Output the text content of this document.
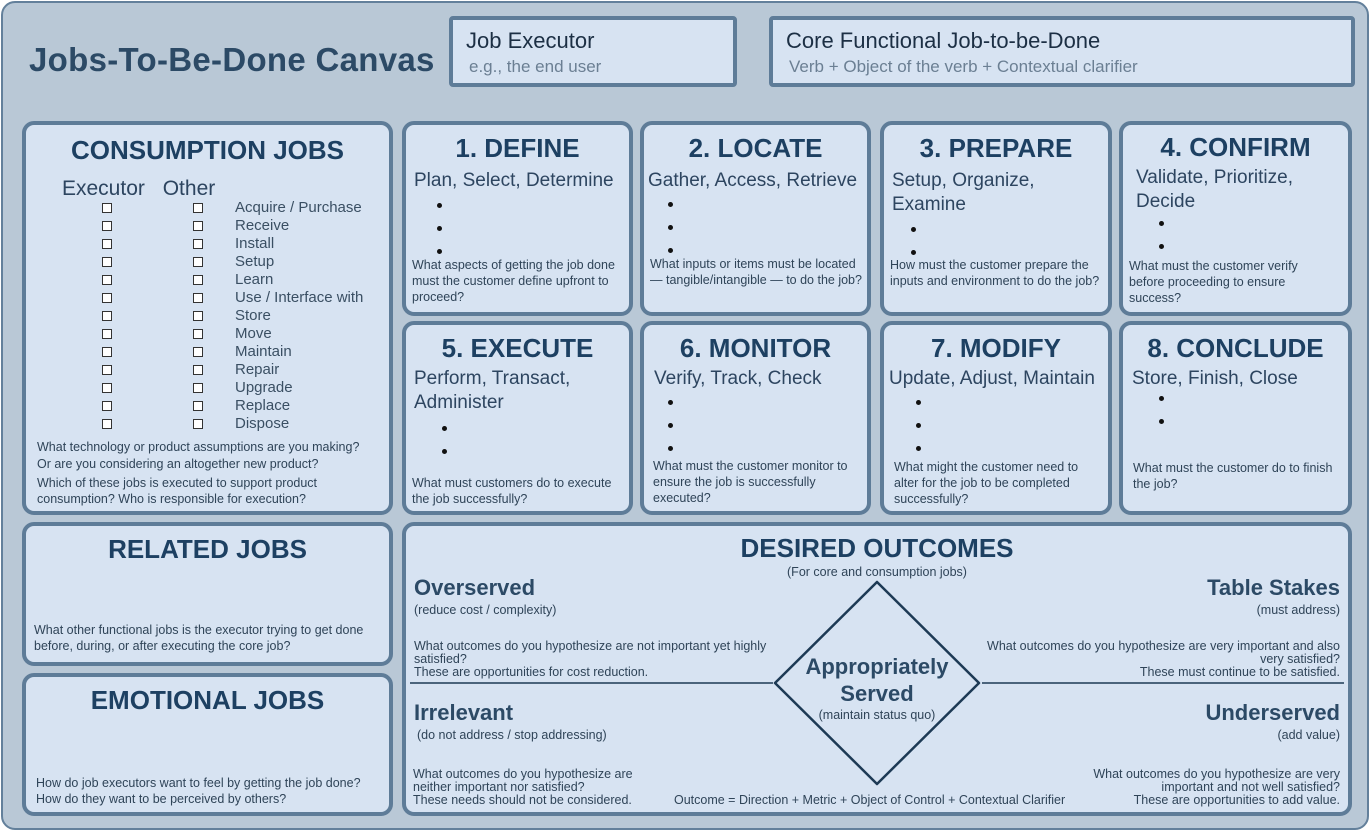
Jobs-To-Be-Done Canvas
Job Executor
e.g., the end user
Core Functional Job-to-be-Done
Verb + Object of the verb + Contextual clarifier
CONSUMPTION JOBS
Executor Other
Acquire / Purchase
Receive
Install
Setup
Learn
Use / Interface with
Store
Move
Maintain
Repair
Upgrade
Replace
Dispose
What technology or product assumptions are you making?
Or are you considering an altogether new product?
Which of these jobs is executed to support product
consumption? Who is responsible for execution?
1. DEFINE
Plan, Select, Determine
What aspects of getting the job done must the customer define upfront to proceed?
2. LOCATE
Gather, Access, Retrieve
What inputs or items must be located — tangible/intangible — to do the job?
3. PREPARE
Setup, Organize, Examine
How must the customer prepare the inputs and environment to do the job?
4. CONFIRM
Validate, Prioritize, Decide
What must the customer verify before proceeding to ensure success?
5. EXECUTE
Perform, Transact, Administer
What must customers do to execute the job successfully?
6. MONITOR
Verify, Track, Check
What must the customer monitor to ensure the job is successfully executed?
7. MODIFY
Update, Adjust, Maintain
What might the customer need to alter for the job to be completed successfully?
8. CONCLUDE
Store, Finish, Close
What must the customer do to finish the job?
RELATED JOBS
What other functional jobs is the executor trying to get done before, during, or after executing the core job?
EMOTIONAL JOBS
How do job executors want to feel by getting the job done?
How do they want to be perceived by others?
DESIRED OUTCOMES
(For core and consumption jobs)
Appropriately
Served
(maintain status quo)
Overserved
(reduce cost / complexity)
What outcomes do you hypothesize are not important yet highly
satisfied?
These are opportunities for cost reduction.
Table Stakes
(must address)
What outcomes do you hypothesize are very important and also
very satisfied?
These must continue to be satisfied.
Irrelevant
(do not address / stop addressing)
What outcomes do you hypothesize are
neither important nor satisfied?
These needs should not be considered.
Underserved
(add value)
What outcomes do you hypothesize are very
important and not well satisfied?
These are opportunities to add value.
Outcome = Direction + Metric + Object of Control + Contextual Clarifier
